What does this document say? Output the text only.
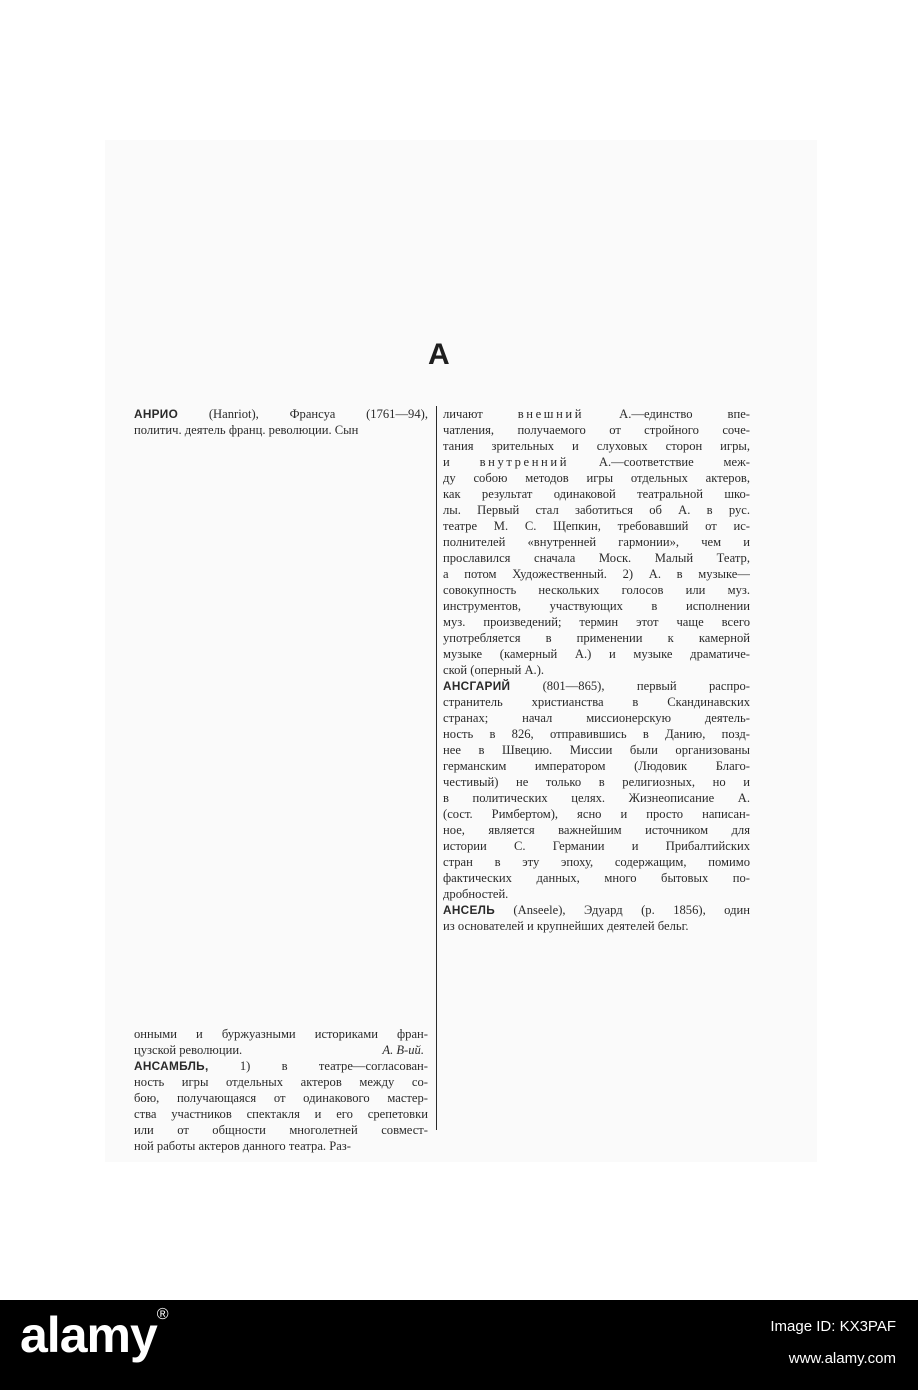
А
АНРИО (Hanriot), Франсуа (1761—94),
политич. деятель франц. революции. Сын
онными и буржуазными историками фран-
цузской революции.	А. В-ий.
АНСАМБЛЬ, 1) в театре—согласован-
ность игры отдельных актеров между со-
бою, получающаяся от одинакового мастер-
ства участников спектакля и его срепетовки
или от общности многолетней совмест-
ной работы актеров данного театра. Раз-
личают внешний А.—единство впе-
чатления, получаемого от стройного соче-
тания зрительных и слуховых сторон игры,
и внутренний А.—соответствие меж-
ду собою методов игры отдельных актеров,
как результат одинаковой театральной шко-
лы. Первый стал заботиться об А. в рус.
театре М. С. Щепкин, требовавший от ис-
полнителей «внутренней гармонии», чем и
прославился сначала Моск. Малый Театр,
а потом Художественный. 2) А. в музыке—
совокупность нескольких голосов или муз.
инструментов, участвующих в исполнении
муз. произведений; термин этот чаще всего
употребляется в применении к камерной
музыке (камерный А.) и музыке драматиче-
ской (оперный А.).
АНСГАРИЙ (801—865), первый распро-
странитель христианства в Скандинавских
странах; начал миссионерскую деятель-
ность в 826, отправившись в Данию, позд-
нее в Швецию. Миссии были организованы
германским императором (Людовик Благо-
честивый) не только в религиозных, но и
в политических целях. Жизнеописание А.
(сост. Римбертом), ясно и просто написан-
ное, является важнейшим источником для
истории С. Германии и Прибалтийских
стран в эту эпоху, содержащим, помимо
фактических данных, много бытовых по-
дробностей.
АНСЕЛЬ (Anseele), Эдуард (р. 1856), один
из основателей и крупнейших деятелей бельг.
alamy®
Image ID: KX3PAF
www.alamy.com
